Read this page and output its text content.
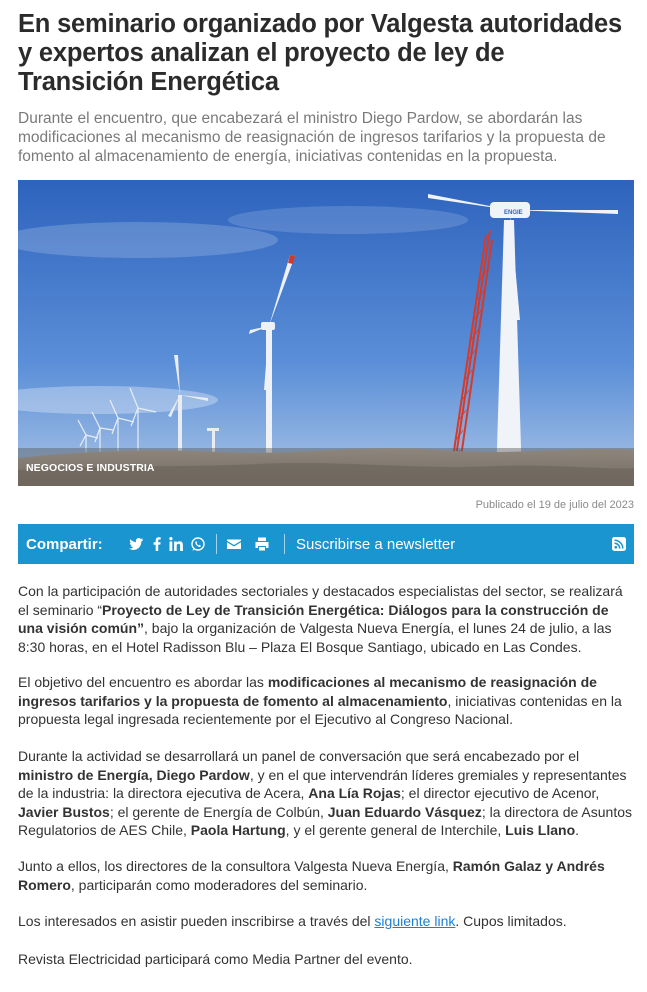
En seminario organizado por Valgesta autoridades y expertos analizan el proyecto de ley de Transición Energética

Durante el encuentro, que encabezará el ministro Diego Pardow, se abordarán las modificaciones al mecanismo de reasignación de ingresos tarifarios y la propuesta de fomento al almacenamiento de energía, iniciativas contenidas en la propuesta.

ENGIE
NEGOCIOS E INDUSTRIA
Publicado el 19 de julio del 2023
Compartir:	Suscribirse a newsletter

Con la participación de autoridades sectoriales y destacados especialistas del sector, se realizará el seminario “Proyecto de Ley de Transición Energética: Diálogos para la construcción de una visión común”, bajo la organización de Valgesta Nueva Energía, el lunes 24 de julio, a las 8:30 horas, en el Hotel Radisson Blu – Plaza El Bosque Santiago, ubicado en Las Condes.

El objetivo del encuentro es abordar las modificaciones al mecanismo de reasignación de ingresos tarifarios y la propuesta de fomento al almacenamiento, iniciativas contenidas en la propuesta legal ingresada recientemente por el Ejecutivo al Congreso Nacional.

Durante la actividad se desarrollará un panel de conversación que será encabezado por el ministro de Energía, Diego Pardow, y en el que intervendrán líderes gremiales y representantes de la industria: la directora ejecutiva de Acera, Ana Lía Rojas; el director ejecutivo de Acenor, Javier Bustos; el gerente de Energía de Colbún, Juan Eduardo Vásquez; la directora de Asuntos Regulatorios de AES Chile, Paola Hartung, y el gerente general de Interchile, Luis Llano.

Junto a ellos, los directores de la consultora Valgesta Nueva Energía, Ramón Galaz y Andrés Romero, participarán como moderadores del seminario.

Los interesados en asistir pueden inscribirse a través del siguiente link. Cupos limitados.

Revista Electricidad participará como Media Partner del evento.
